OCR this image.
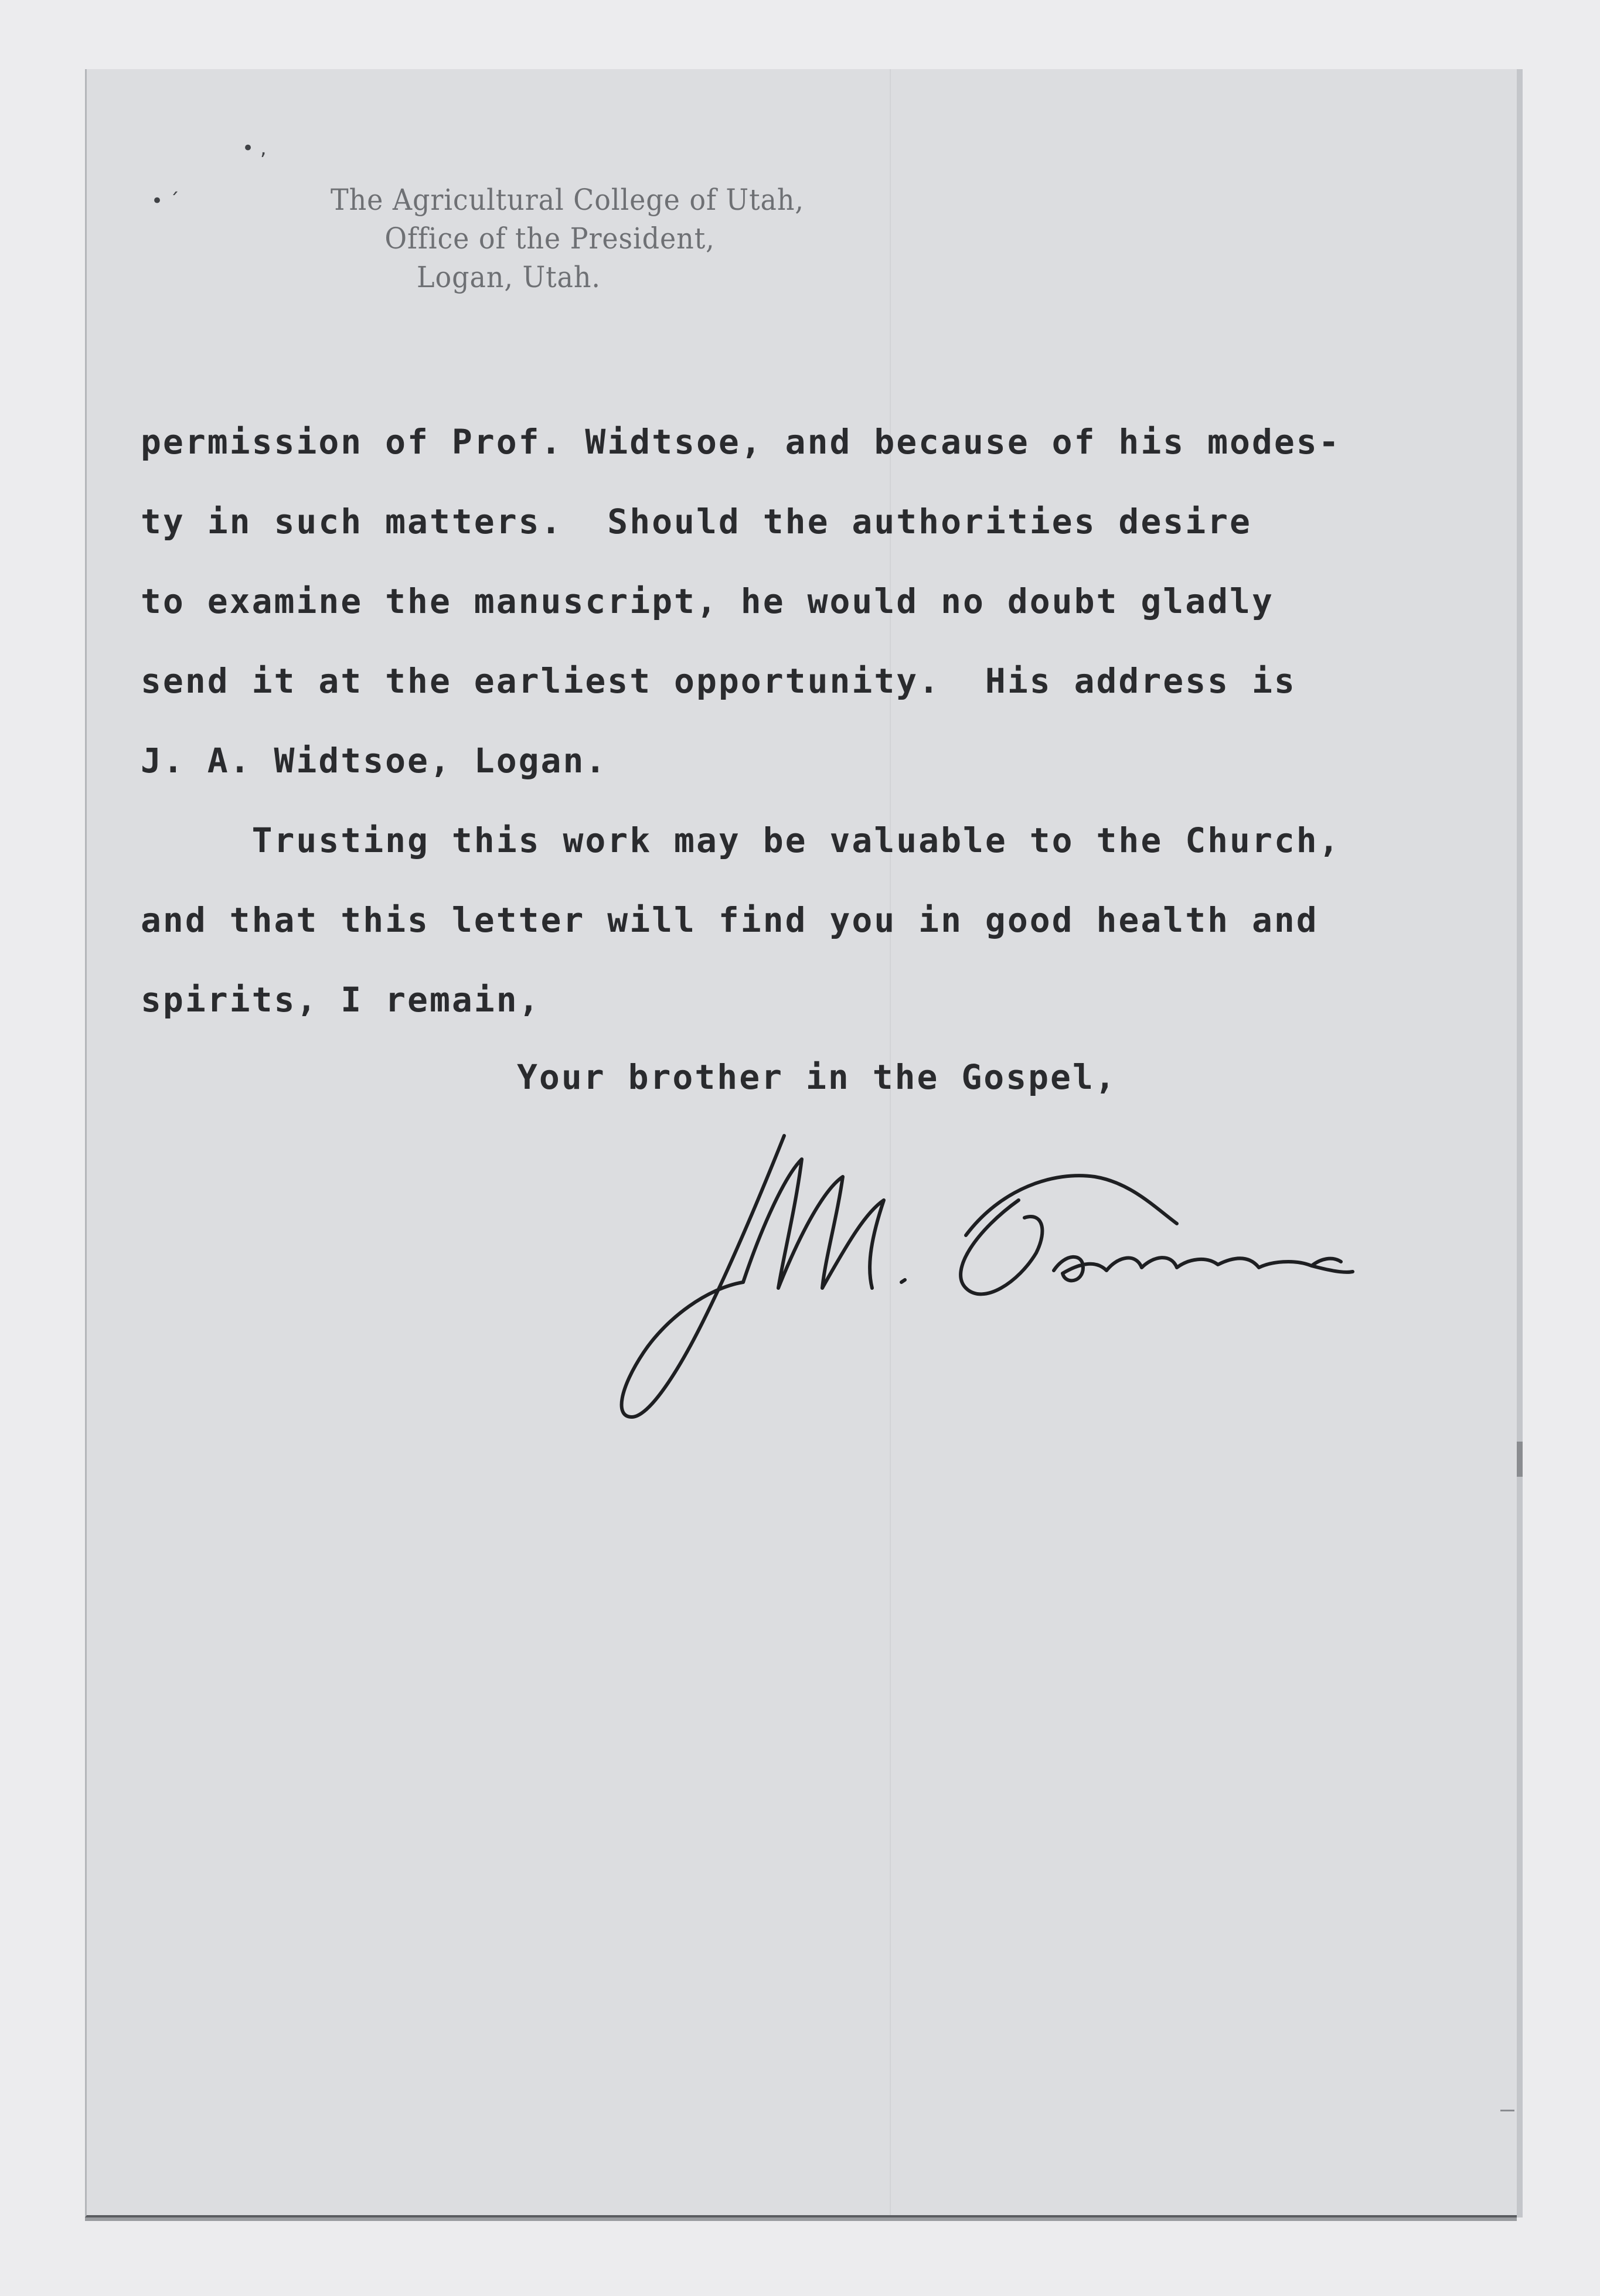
• ,
• ´	The Agricultural College of Utah,
Office of the President,
Logan, Utah.
permission of Prof. Widtsoe, and because of his modes-
ty in such matters.  Should the authorities desire
to examine the manuscript, he would no doubt gladly
send it at the earliest opportunity.  His address is
J. A. Widtsoe, Logan.
Trusting this work may be valuable to the Church,
and that this letter will find you in good health and
spirits, I remain,
Your brother in the Gospel,
